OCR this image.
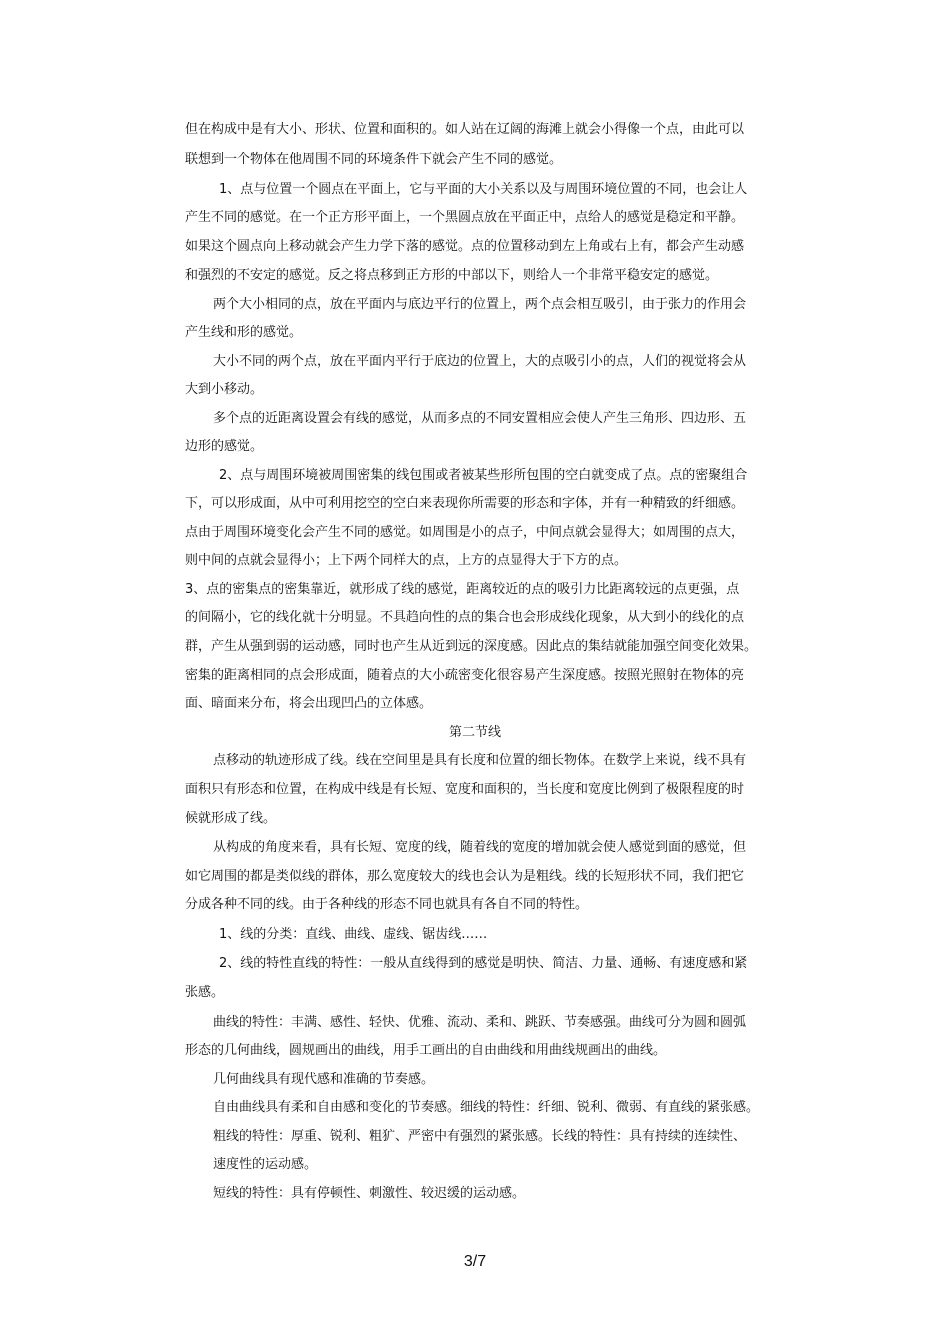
但在构成中是有大小、形状、位置和面积的。如人站在辽阔的海滩上就会小得像一个点，由此可以
联想到一个物体在他周围不同的环境条件下就会产生不同的感觉。
1、点与位置一个圆点在平面上，它与平面的大小关系以及与周围环境位置的不同，也会让人
产生不同的感觉。在一个正方形平面上，一个黑圆点放在平面正中，点给人的感觉是稳定和平静。
如果这个圆点向上移动就会产生力学下落的感觉。点的位置移动到左上角或右上有，都会产生动感
和强烈的不安定的感觉。反之将点移到正方形的中部以下，则给人一个非常平稳安定的感觉。
两个大小相同的点，放在平面内与底边平行的位置上，两个点会相互吸引，由于张力的作用会
产生线和形的感觉。
大小不同的两个点，放在平面内平行于底边的位置上，大的点吸引小的点，人们的视觉将会从
大到小移动。
多个点的近距离设置会有线的感觉，从而多点的不同安置相应会使人产生三角形、四边形、五
边形的感觉。
2、点与周围环境被周围密集的线包围或者被某些形所包围的空白就变成了点。点的密聚组合
下，可以形成面，从中可利用挖空的空白来表现你所需要的形态和字体，并有一种精致的纤细感。
点由于周围环境变化会产生不同的感觉。如周围是小的点子，中间点就会显得大；如周围的点大，
则中间的点就会显得小；上下两个同样大的点，上方的点显得大于下方的点。
3、点的密集点的密集靠近，就形成了线的感觉，距离较近的点的吸引力比距离较远的点更强，点
的间隔小，它的线化就十分明显。不具趋向性的点的集合也会形成线化现象，从大到小的线化的点
群，产生从强到弱的运动感，同时也产生从近到远的深度感。因此点的集结就能加强空间变化效果。
密集的距离相同的点会形成面，随着点的大小疏密变化很容易产生深度感。按照光照射在物体的亮
面、暗面来分布，将会出现凹凸的立体感。
第二节线
点移动的轨迹形成了线。线在空间里是具有长度和位置的细长物体。在数学上来说，线不具有
面积只有形态和位置，在构成中线是有长短、宽度和面积的，当长度和宽度比例到了极限程度的时
候就形成了线。
从构成的角度来看，具有长短、宽度的线，随着线的宽度的增加就会使人感觉到面的感觉，但
如它周围的都是类似线的群体，那么宽度较大的线也会认为是粗线。线的长短形状不同，我们把它
分成各种不同的线。由于各种线的形态不同也就具有各自不同的特性。
1、线的分类：直线、曲线、虚线、锯齿线……
2、线的特性直线的特性：一般从直线得到的感觉是明快、简洁、力量、通畅、有速度感和紧
张感。
曲线的特性：丰满、感性、轻快、优雅、流动、柔和、跳跃、节奏感强。曲线可分为圆和圆弧
形态的几何曲线，圆规画出的曲线，用手工画出的自由曲线和用曲线规画出的曲线。
几何曲线具有现代感和准确的节奏感。
自由曲线具有柔和自由感和变化的节奏感。细线的特性：纤细、锐利、微弱、有直线的紧张感。
粗线的特性：厚重、锐利、粗犷、严密中有强烈的紧张感。长线的特性：具有持续的连续性、
速度性的运动感。
短线的特性：具有停顿性、刺激性、较迟缓的运动感。
3/7
